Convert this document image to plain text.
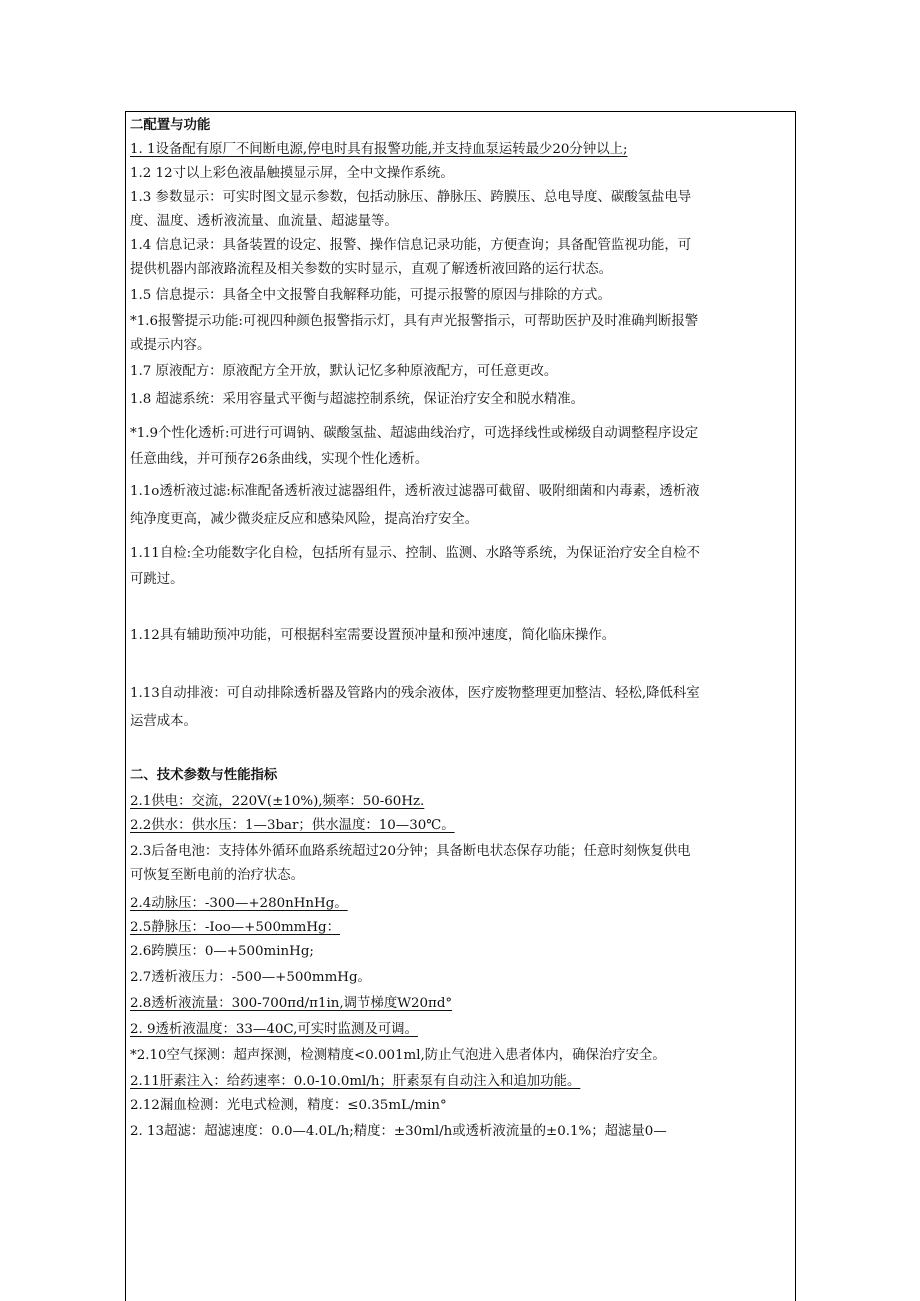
二配置与功能
1. 1设备配有原厂不间断电源,停电时具有报警功能,并支持血泵运转最少20分钟以上;
1.2 12寸以上彩色液晶触摸显示屏，全中文操作系统。
1.3 参数显示：可实时图文显示参数，包括动脉压、静脉压、跨膜压、总电导度、碳酸氢盐电导
度、温度、透析液流量、血流量、超滤量等。
1.4 信息记录：具备装置的设定、报警、操作信息记录功能，方便查询；具备配管监视功能，可
提供机器内部液路流程及相关参数的实时显示，直观了解透析液回路的运行状态。
1.5 信息提示：具备全中文报警自我解释功能，可提示报警的原因与排除的方式。
*1.6报警提示功能:可视四种颜色报警指示灯，具有声光报警指示，可帮助医护及时准确判断报警
或提示内容。
1.7 原液配方：原液配方全开放，默认记忆多种原液配方，可任意更改。
1.8 超滤系统：采用容量式平衡与超滤控制系统，保证治疗安全和脱水精准。
*1.9个性化透析:可进行可调钠、碳酸氢盐、超滤曲线治疗，可选择线性或梯级自动调整程序设定
任意曲线，并可预存26条曲线，实现个性化透析。
1.1o透析液过滤:标准配备透析液过滤器组件，透析液过滤器可截留、吸附细菌和内毒素，透析液
纯净度更高，减少微炎症反应和感染风险，提高治疗安全。
1.11自检:全功能数字化自检，包括所有显示、控制、监测、水路等系统，为保证治疗安全自检不
可跳过。
1.12具有辅助预冲功能，可根据科室需要设置预冲量和预冲速度，简化临床操作。
1.13自动排液：可自动排除透析器及管路内的残余液体，医疗废物整理更加整洁、轻松,降低科室
运营成本。
二、技术参数与性能指标
2.1供电：交流，220V(±10%),频率：50-60Hz.
2.2供水：供水压：1—3bar；供水温度：10—30℃。
2.3后备电池：支持体外循环血路系统超过20分钟；具备断电状态保存功能；任意时刻恢复供电
可恢复至断电前的治疗状态。
2.4动脉压：-300—+280nHnHg。
2.5静脉压：-Ioo—+500mmHg：
2.6跨膜压：0—+500minHg;
2.7透析液压力：-500—+500mmHg。
2.8透析液流量：300-700πd/π1in,调节梯度W20πd°
2. 9透析液温度：33—40C,可实时监测及可调。
*2.10空气探测：超声探测，检测精度<0.001ml,防止气泡进入患者体内，确保治疗安全。
2.11肝素注入：给药速率：0.0-10.0ml/h；肝素泵有自动注入和追加功能。
2.12漏血检测：光电式检测，精度：≤0.35mL/min°
2. 13超滤：超滤速度：0.0—4.0L/h;精度：±30ml/h或透析液流量的±0.1%；超滤量0—
